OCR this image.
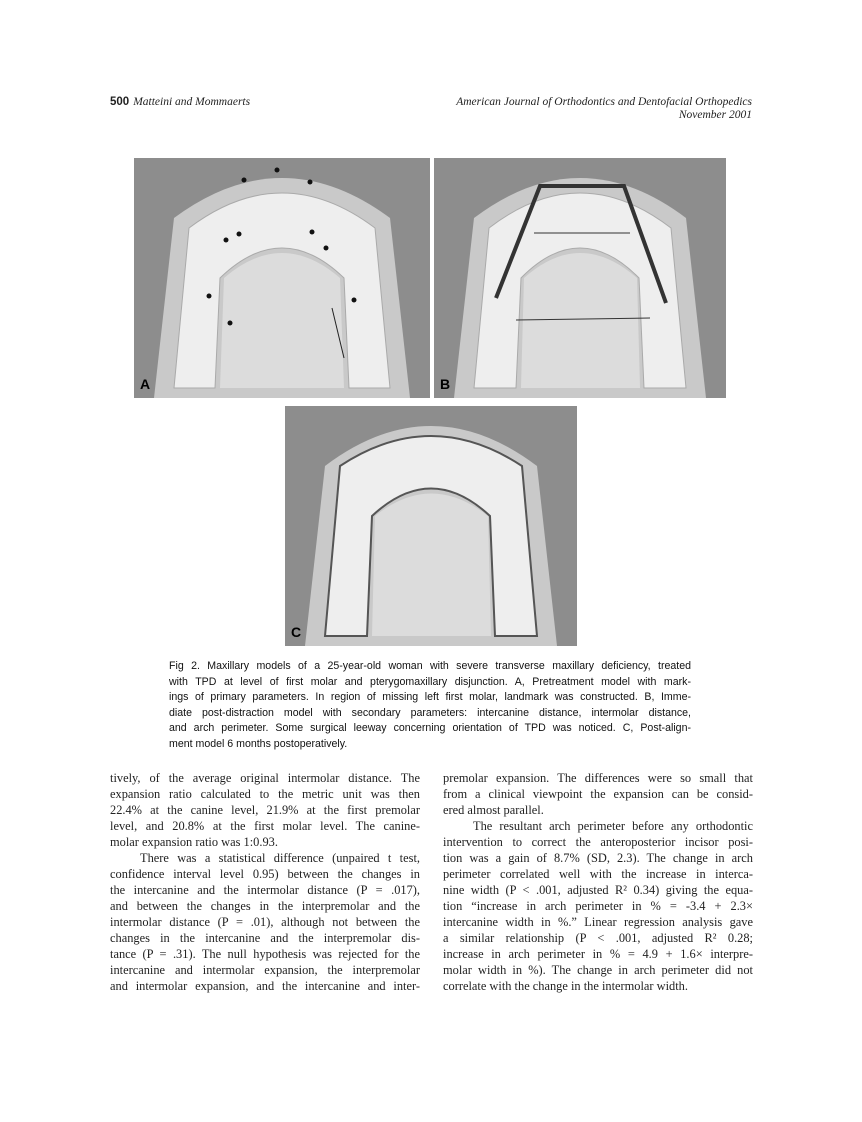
500 Matteini and Mommaerts	American Journal of Orthodontics and Dentofacial Orthopedics
November 2001
A	B
C
Fig 2. Maxillary models of a 25-year-old woman with severe transverse maxillary deficiency, treated
with TPD at level of first molar and pterygomaxillary disjunction. A, Pretreatment model with mark-
ings of primary parameters. In region of missing left first molar, landmark was constructed. B, Imme-
diate post-distraction model with secondary parameters: intercanine distance, intermolar distance,
and arch perimeter. Some surgical leeway concerning orientation of TPD was noticed. C, Post-align-
ment model 6 months postoperatively.
tively, of the average original intermolar distance. The
expansion ratio calculated to the metric unit was then
22.4% at the canine level, 21.9% at the first premolar
level, and 20.8% at the first molar level. The canine-
molar expansion ratio was 1:0.93.
There was a statistical difference (unpaired t test,
confidence interval level 0.95) between the changes in
the intercanine and the intermolar distance (P = .017),
and between the changes in the interpremolar and the
intermolar distance (P = .01), although not between the
changes in the intercanine and the interpremolar dis-
tance (P = .31). The null hypothesis was rejected for the
intercanine and intermolar expansion, the interpremolar
and intermolar expansion, and the intercanine and inter-
premolar expansion. The differences were so small that
from a clinical viewpoint the expansion can be consid-
ered almost parallel.
The resultant arch perimeter before any orthodontic
intervention to correct the anteroposterior incisor posi-
tion was a gain of 8.7% (SD, 2.3). The change in arch
perimeter correlated well with the increase in interca-
nine width (P < .001, adjusted R² 0.34) giving the equa-
tion “increase in arch perimeter in % = -3.4 + 2.3×
intercanine width in %.” Linear regression analysis gave
a similar relationship (P < .001, adjusted R² 0.28;
increase in arch perimeter in % = 4.9 + 1.6× interpre-
molar width in %). The change in arch perimeter did not
correlate with the change in the intermolar width.
